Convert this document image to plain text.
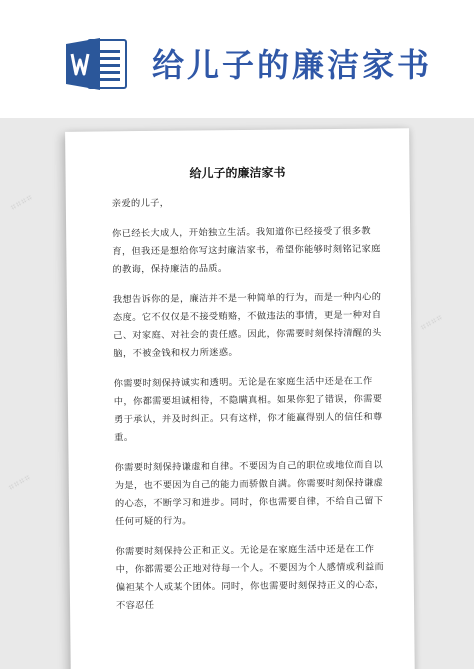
给儿子的廉洁家书
⌗⌗⌗⌗
⌗⌗⌗⌗
⌗⌗⌗⌗
给儿子的廉洁家书

亲爱的儿子，

你已经长大成人，开始独立生活。我知道你已经接受了很多教育，但我还是想给你写这封廉洁家书，希望你能够时刻铭记家庭的教诲，保持廉洁的品质。

我想告诉你的是，廉洁并不是一种简单的行为，而是一种内心的态度。它不仅仅是不接受贿赂，不做违法的事情，更是一种对自己、对家庭、对社会的责任感。因此，你需要时刻保持清醒的头脑，不被金钱和权力所迷惑。

你需要时刻保持诚实和透明。无论是在家庭生活中还是在工作中，你都需要坦诚相待，不隐瞒真相。如果你犯了错误，你需要勇于承认，并及时纠正。只有这样，你才能赢得别人的信任和尊重。

你需要时刻保持谦虚和自律。不要因为自己的职位或地位而自以为是，也不要因为自己的能力而骄傲自满。你需要时刻保持谦虚的心态，不断学习和进步。同时，你也需要自律，不给自己留下任何可疑的行为。

你需要时刻保持公正和正义。无论是在家庭生活中还是在工作中，你都需要公正地对待每一个人。不要因为个人感情或利益而偏袒某个人或某个团体。同时，你也需要时刻保持正义的心态，不容忍任
